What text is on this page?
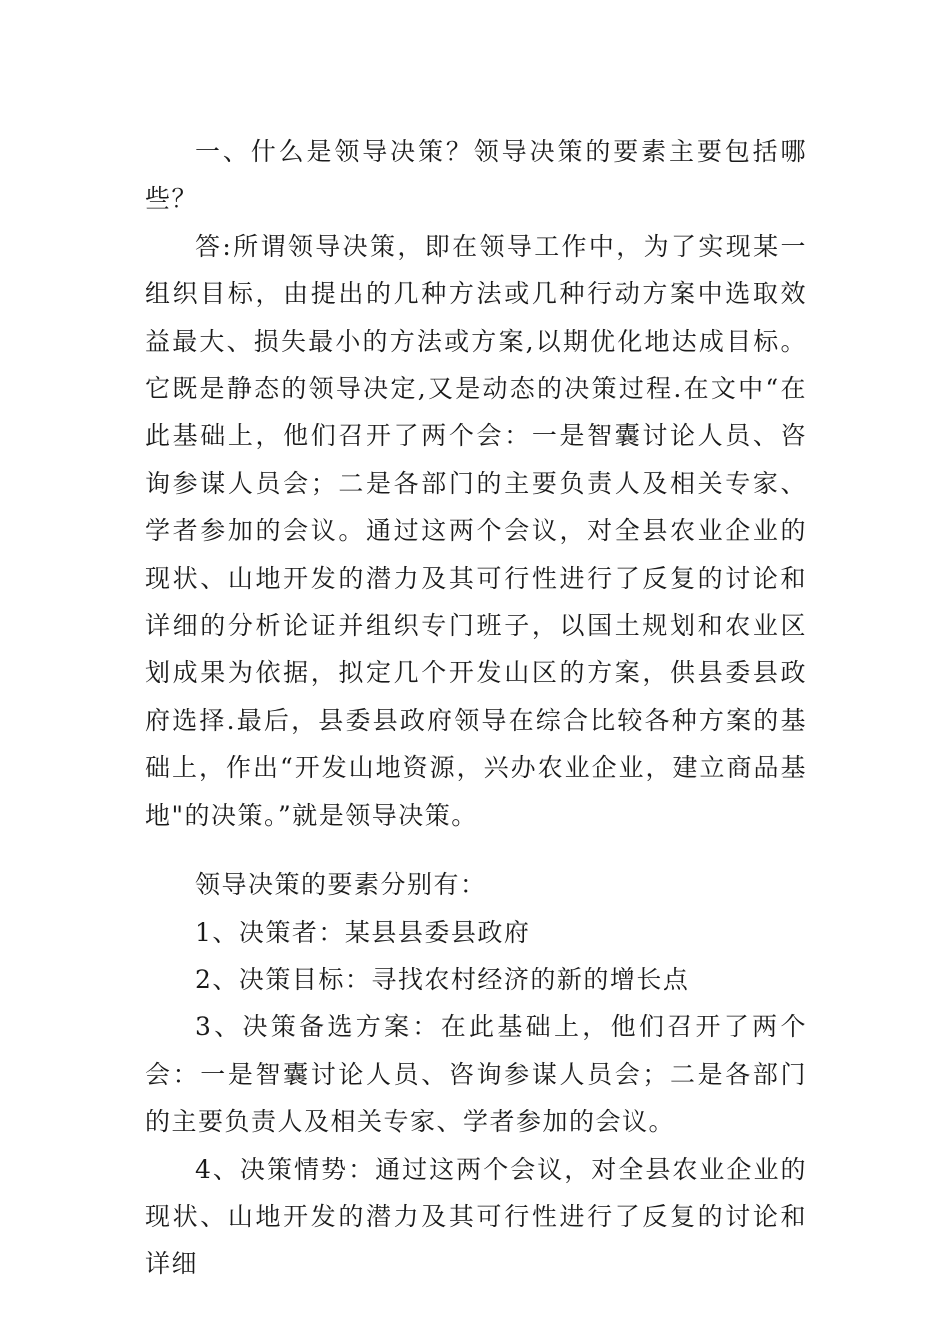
一、什么是领导决策？领导决策的要素主要包括哪些？

答:所谓领导决策，即在领导工作中，为了实现某一组织目标，由提出的几种方法或几种行动方案中选取效益最大、损失最小的方法或方案,以期优化地达成目标。它既是静态的领导决定,又是动态的决策过程.在文中“在此基础上，他们召开了两个会：一是智囊讨论人员、咨询参谋人员会；二是各部门的主要负责人及相关专家、学者参加的会议。通过这两个会议，对全县农业企业的现状、山地开发的潜力及其可行性进行了反复的讨论和详细的分析论证并组织专门班子，以国土规划和农业区划成果为依据，拟定几个开发山区的方案，供县委县政府选择.最后，县委县政府领导在综合比较各种方案的基础上，作出“开发山地资源，兴办农业企业，建立商品基地"的决策。”就是领导决策。

领导决策的要素分别有：

1、决策者：某县县委县政府

2、决策目标：寻找农村经济的新的增长点

3、决策备选方案：在此基础上，他们召开了两个会：一是智囊讨论人员、咨询参谋人员会；二是各部门的主要负责人及相关专家、学者参加的会议。

4、决策情势：通过这两个会议，对全县农业企业的现状、山地开发的潜力及其可行性进行了反复的讨论和详细
